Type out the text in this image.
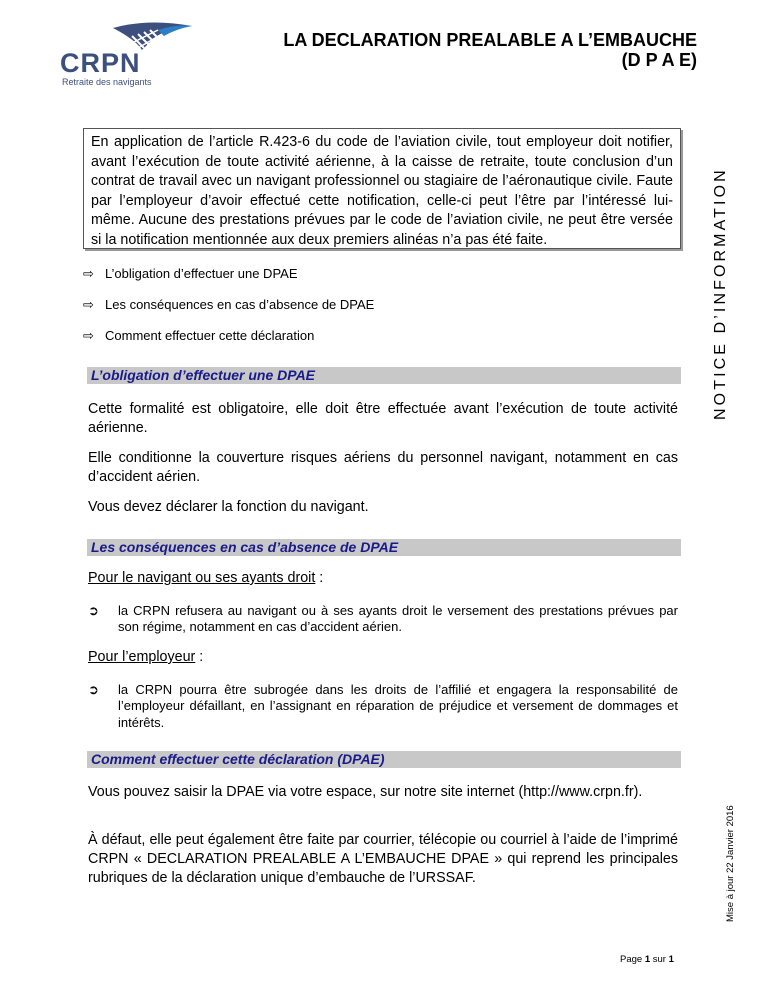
CRPN
Retraite des navigants
LA DECLARATION PREALABLE A L’EMBAUCHE
(D P A E)
NOTICE D’INFORMATION
Mise à jour 22 Janvier 2016
En application de l’article R.423-6 du code de l’aviation civile, tout employeur doit notifier, avant l’exécution de toute activité aérienne, à la caisse de retraite, toute conclusion d’un contrat de travail avec un navigant professionnel ou stagiaire de l’aéronautique civile. Faute par l’employeur d’avoir effectué cette notification, celle-ci peut l’être par l’intéressé lui-même. Aucune des prestations prévues par le code de l’aviation civile, ne peut être versée si la notification mentionnée aux deux premiers alinéas n’a pas été faite.
⇨ L’obligation d’effectuer une DPAE
⇨ Les conséquences en cas d’absence de DPAE
⇨ Comment effectuer cette déclaration
L’obligation d’effectuer une DPAE
Cette formalité est obligatoire, elle doit être effectuée avant l’exécution de toute activité aérienne.
Elle conditionne la couverture risques aériens du personnel navigant, notamment en cas d’accident aérien.
Vous devez déclarer la fonction du navigant.
Les conséquences en cas d’absence de DPAE
Pour le navigant ou ses ayants droit :
➲ la CRPN refusera au navigant ou à ses ayants droit le versement des prestations prévues par son régime, notamment en cas d’accident aérien.
Pour l’employeur :
➲ la CRPN pourra être subrogée dans les droits de l’affilié et engagera la responsabilité de l’employeur défaillant, en l’assignant en réparation de préjudice et versement de dommages et intérêts.
Comment effectuer cette déclaration (DPAE)
Vous pouvez saisir la DPAE via votre espace, sur notre site internet (http://www.crpn.fr).
À défaut, elle peut également être faite par courrier, télécopie ou courriel à l’aide de l’imprimé CRPN « DECLARATION PREALABLE A L’EMBAUCHE DPAE » qui reprend les principales rubriques de la déclaration unique d’embauche de l’URSSAF.
Page 1 sur 1
